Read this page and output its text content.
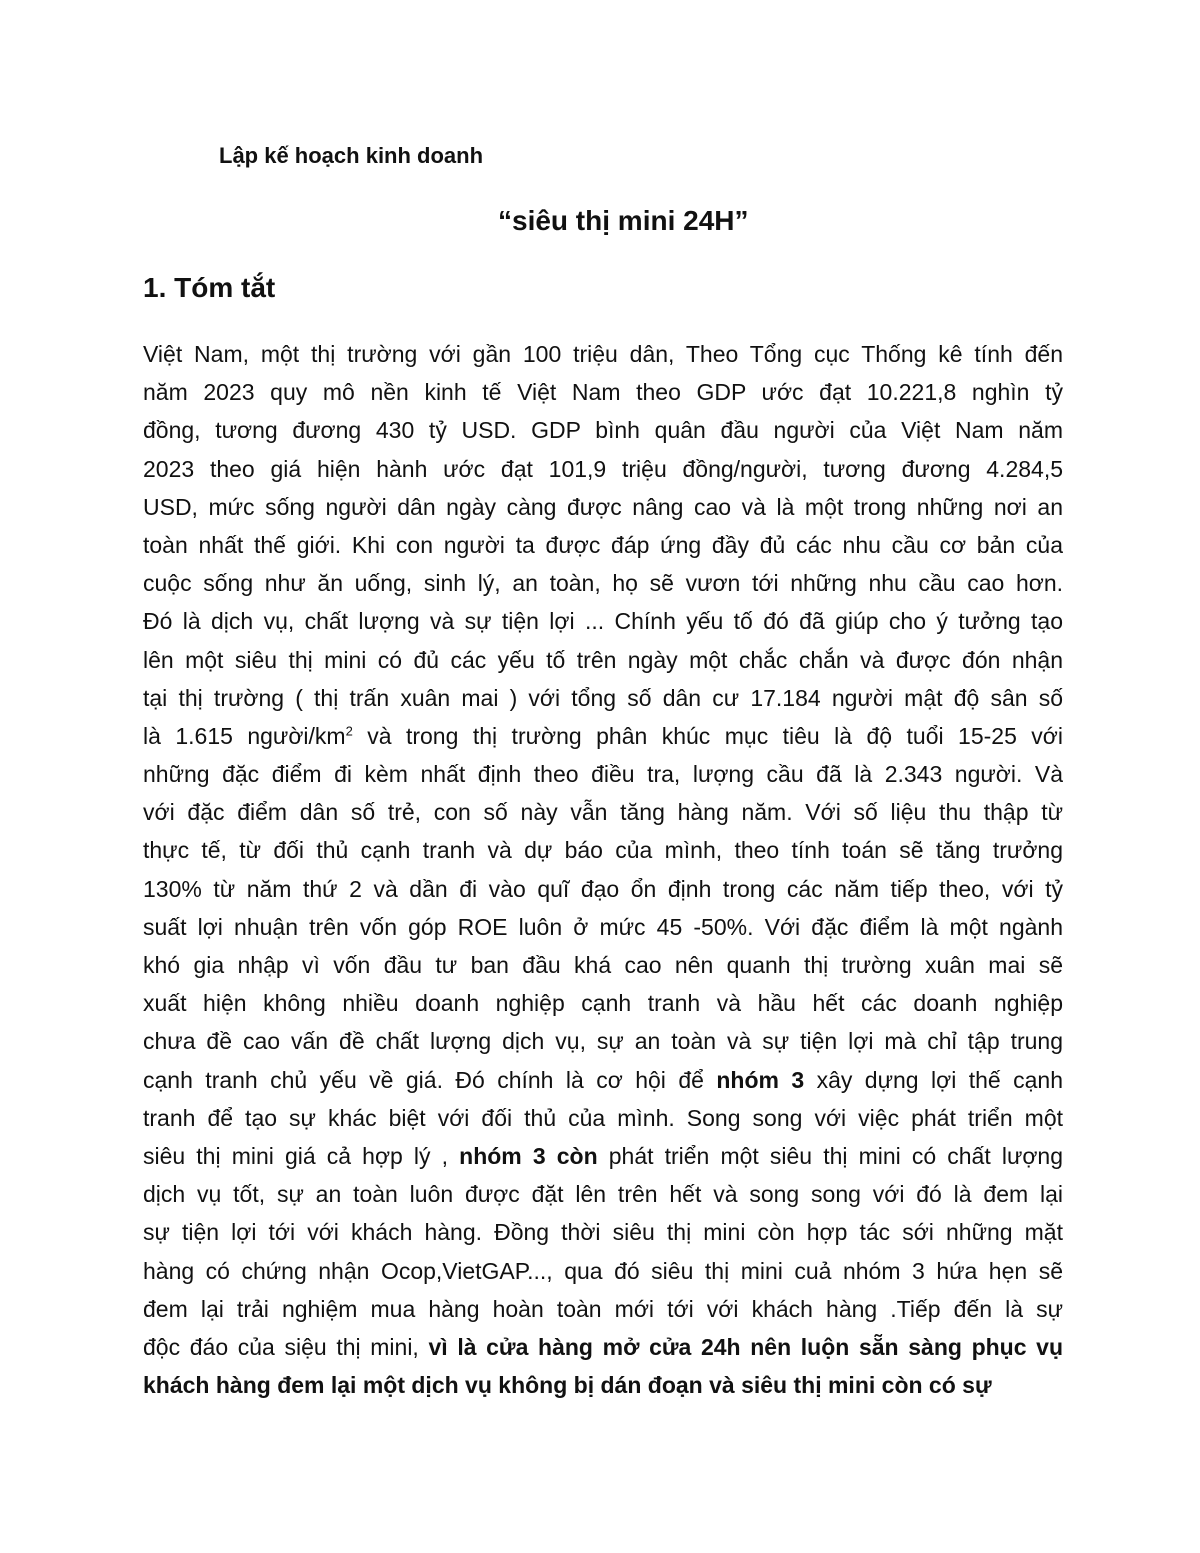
Lập kế hoạch kinh doanh
“siêu thị mini 24H”
1. Tóm tắt
Việt Nam, một thị trường với gần 100 triệu dân, Theo Tổng cục Thống kê tính đến
năm 2023 quy mô nền kinh tế Việt Nam theo GDP ước đạt 10.221,8 nghìn tỷ
đồng, tương đương 430 tỷ USD. GDP bình quân đầu người của Việt Nam năm
2023 theo giá hiện hành ước đạt 101,9 triệu đồng/người, tương đương 4.284,5
USD, mức sống người dân ngày càng được nâng cao và là một trong những nơi an
toàn nhất thế giới. Khi con người ta được đáp ứng đầy đủ các nhu cầu cơ bản của
cuộc sống như ăn uống, sinh lý, an toàn, họ sẽ vươn tới những nhu cầu cao hơn.
Đó là dịch vụ, chất lượng và sự tiện lợi ... Chính yếu tố đó đã giúp cho ý tưởng tạo
lên một siêu thị mini có đủ các yếu tố trên ngày một chắc chắn và được đón nhận
tại thị trường ( thị trấn xuân mai ) với tổng số dân cư 17.184 người mật độ sân số
là 1.615 người/$km^2$ và trong thị trường phân khúc mục tiêu là độ tuổi 15-25 với
những đặc điểm đi kèm nhất định theo điều tra, lượng cầu đã là 2.343 người. Và
với đặc điểm dân số trẻ, con số này vẫn tăng hàng năm. Với số liệu thu thập từ
thực tế, từ đối thủ cạnh tranh và dự báo của mình, theo tính toán sẽ tăng trưởng
130% từ năm thứ 2 và dần đi vào quĩ đạo ổn định trong các năm tiếp theo, với tỷ
suất lợi nhuận trên vốn góp ROE luôn ở mức 45 -50%. Với đặc điểm là một ngành
khó gia nhập vì vốn đầu tư ban đầu khá cao nên quanh thị trường xuân mai sẽ
xuất hiện không nhiều doanh nghiệp cạnh tranh và hầu hết các doanh nghiệp
chưa đề cao vấn đề chất lượng dịch vụ, sự an toàn và sự tiện lợi mà chỉ tập trung
cạnh tranh chủ yếu về giá. Đó chính là cơ hội để nhóm 3 xây dựng lợi thế cạnh
tranh để tạo sự khác biệt với đối thủ của mình. Song song với việc phát triển một
siêu thị mini giá cả hợp lý , nhóm 3 còn phát triển một siêu thị mini có chất lượng
dịch vụ tốt, sự an toàn luôn được đặt lên trên hết và song song với đó là đem lại
sự tiện lợi tới với khách hàng. Đồng thời siêu thị mini còn hợp tác sới những mặt
hàng có chứng nhận Ocop,VietGAP..., qua đó siêu thị mini cuả nhóm 3 hứa hẹn sẽ
đem lại trải nghiệm mua hàng hoàn toàn mới tới với khách hàng .Tiếp đến là sự
độc đáo của siệu thị mini, vì là cửa hàng mở cửa 24h nên luộn sẵn sàng phục vụ
khách hàng đem lại một dịch vụ không bị dán đoạn và siêu thị mini còn có sự
